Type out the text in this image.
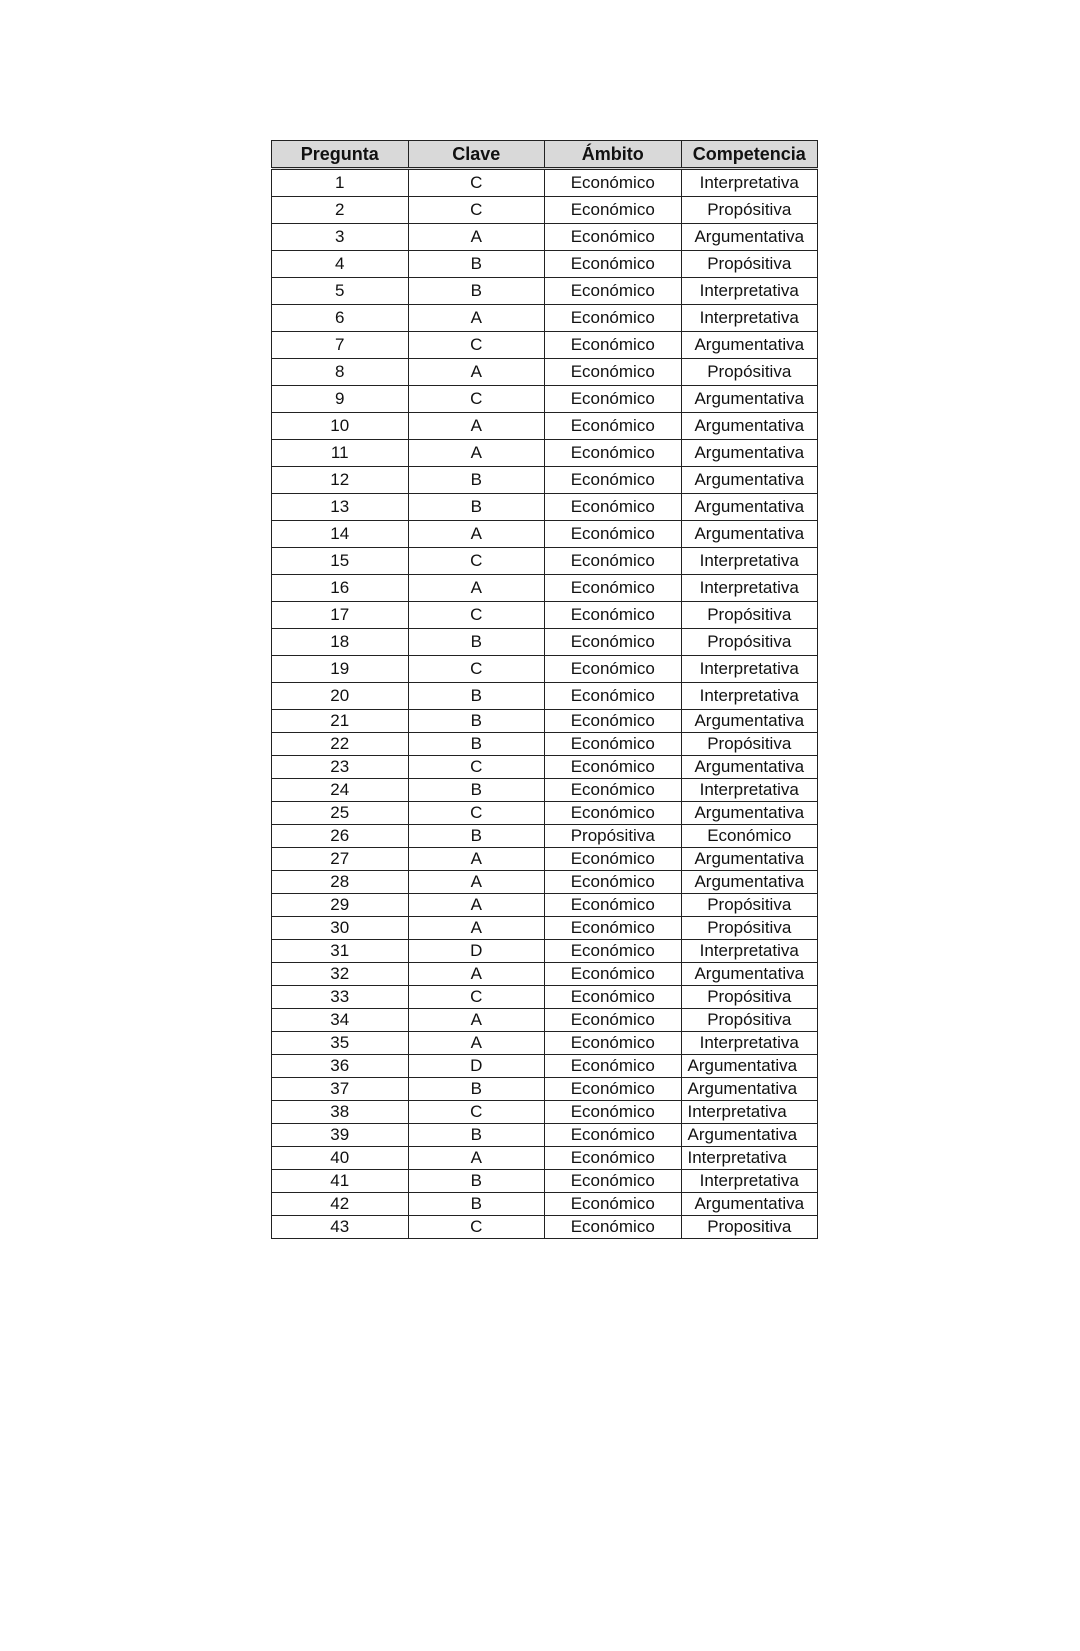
Pregunta	Clave	Ámbito	Competencia
1	C	Económico	Interpretativa
2	C	Económico	Propósitiva
3	A	Económico	Argumentativa
4	B	Económico	Propósitiva
5	B	Económico	Interpretativa
6	A	Económico	Interpretativa
7	C	Económico	Argumentativa
8	A	Económico	Propósitiva
9	C	Económico	Argumentativa
10	A	Económico	Argumentativa
11	A	Económico	Argumentativa
12	B	Económico	Argumentativa
13	B	Económico	Argumentativa
14	A	Económico	Argumentativa
15	C	Económico	Interpretativa
16	A	Económico	Interpretativa
17	C	Económico	Propósitiva
18	B	Económico	Propósitiva
19	C	Económico	Interpretativa
20	B	Económico	Interpretativa
21	B	Económico	Argumentativa
22	B	Económico	Propósitiva
23	C	Económico	Argumentativa
24	B	Económico	Interpretativa
25	C	Económico	Argumentativa
26	B	Propósitiva	Económico
27	A	Económico	Argumentativa
28	A	Económico	Argumentativa
29	A	Económico	Propósitiva
30	A	Económico	Propósitiva
31	D	Económico	Interpretativa
32	A	Económico	Argumentativa
33	C	Económico	Propósitiva
34	A	Económico	Propósitiva
35	A	Económico	Interpretativa
36	D	Económico	Argumentativa
37	B	Económico	Argumentativa
38	C	Económico	Interpretativa
39	B	Económico	Argumentativa
40	A	Económico	Interpretativa
41	B	Económico	Interpretativa
42	B	Económico	Argumentativa
43	C	Económico	Propositiva
